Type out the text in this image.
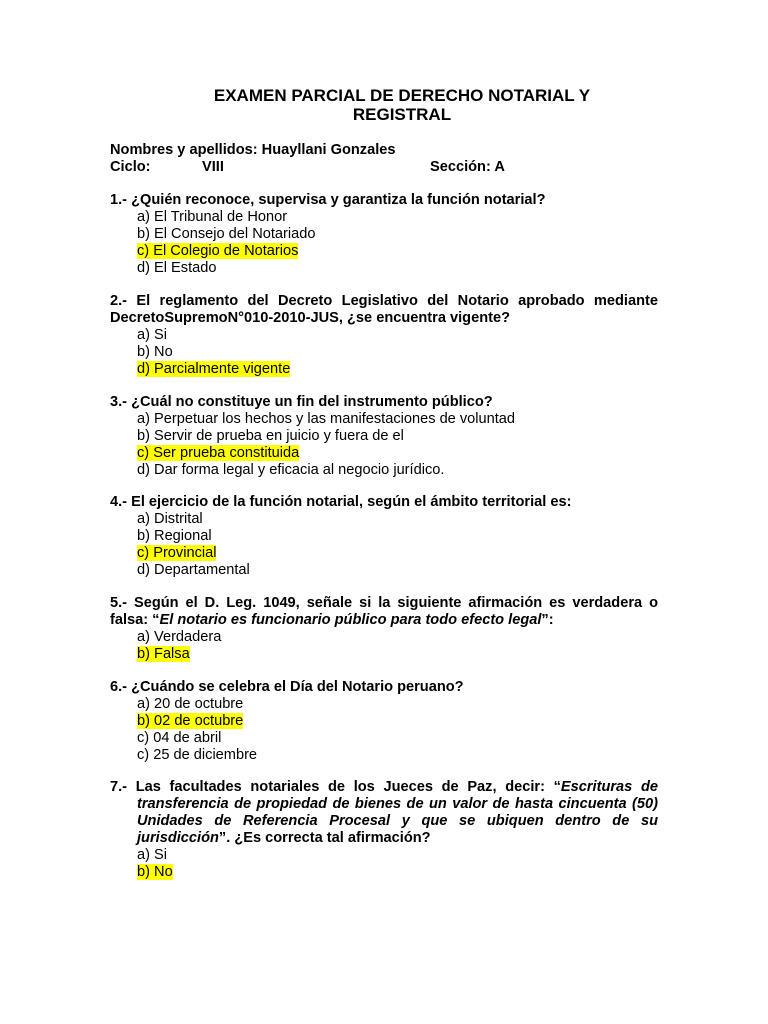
EXAMEN PARCIAL DE DERECHO NOTARIAL Y
REGISTRAL
Nombres y apellidos: Huayllani Gonzales
Ciclo:	VIII	Sección: A
1.- ¿Quién reconoce, supervisa y garantiza la función notarial?
a) El Tribunal de Honor
b) El Consejo del Notariado
c) El Colegio de Notarios
d) El Estado
2.- El reglamento del Decreto Legislativo del Notario aprobado mediante
DecretoSupremoN°010-2010-JUS, ¿se encuentra vigente?
a) Si
b) No
d) Parcialmente vigente
3.- ¿Cuál no constituye un fin del instrumento público?
a) Perpetuar los hechos y las manifestaciones de voluntad
b) Servir de prueba en juicio y fuera de el
c) Ser prueba constituida
d) Dar forma legal y eficacia al negocio jurídico.
4.- El ejercicio de la función notarial, según el ámbito territorial es:
a) Distrital
b) Regional
c) Provincial
d) Departamental
5.- Según el D. Leg. 1049, señale si la siguiente afirmación es verdadera o
falsa: “El notario es funcionario público para todo efecto legal”:
a) Verdadera
b) Falsa
6.- ¿Cuándo se celebra el Día del Notario peruano?
a) 20 de octubre
b) 02 de octubre
c) 04 de abril
c) 25 de diciembre
7.- Las facultades notariales de los Jueces de Paz, decir: “Escrituras de transferencia de propiedad de bienes de un valor de hasta cincuenta (50) Unidades de Referencia Procesal y que se ubiquen dentro de su jurisdicción”. ¿Es correcta tal afirmación?
a) Si
b) No
